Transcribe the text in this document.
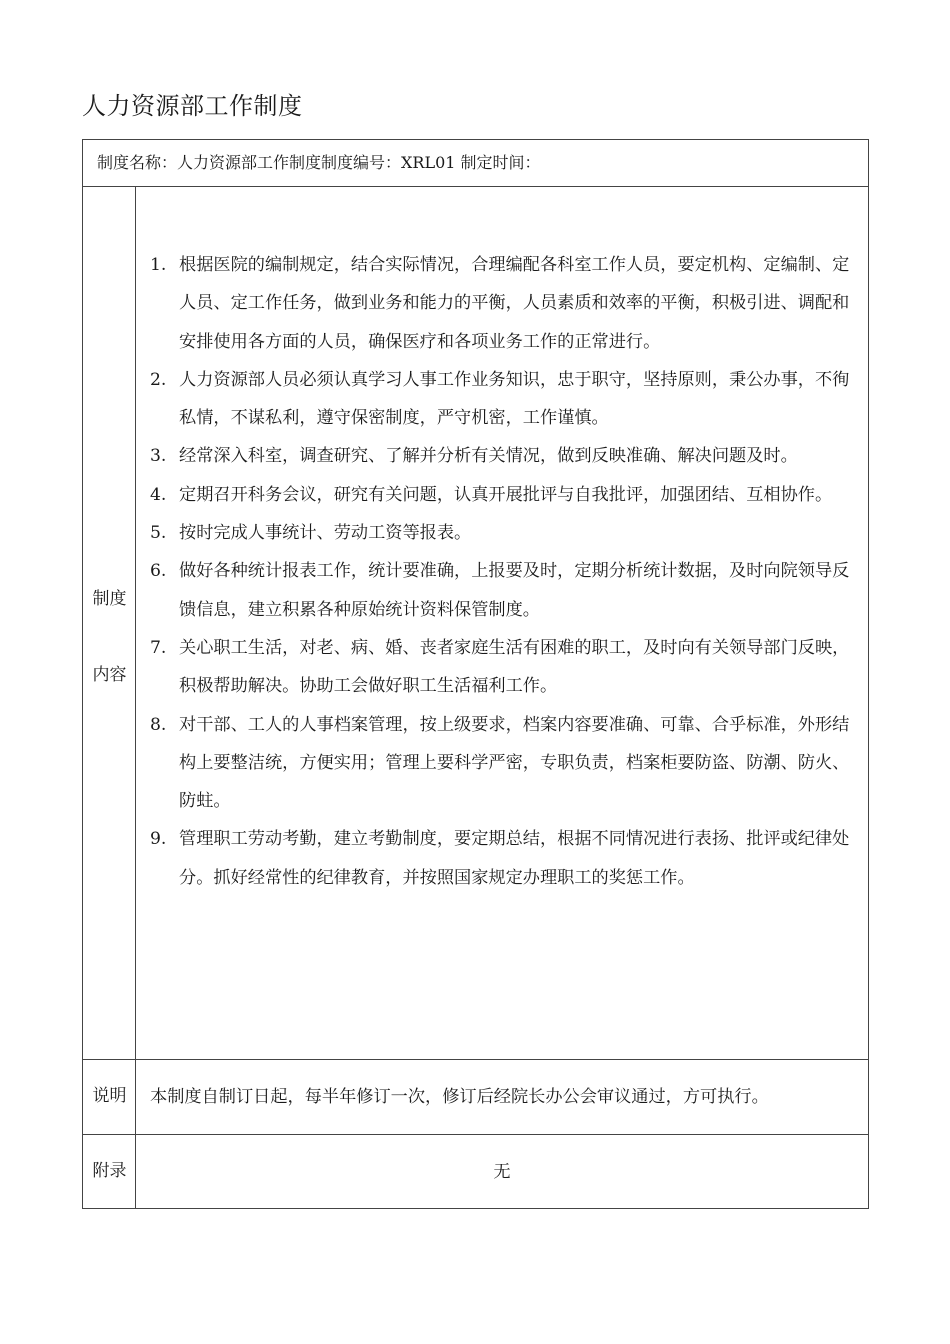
人力资源部工作制度
制度名称：人力资源部工作制度制度编号：XRL01 制定时间：
制度
内容
1. 根据医院的编制规定，结合实际情况，合理编配各科室工作人员，要定机构、定编制、定人员、定工作任务，做到业务和能力的平衡，人员素质和效率的平衡，积极引进、调配和安排使用各方面的人员，确保医疗和各项业务工作的正常进行。
2. 人力资源部人员必须认真学习人事工作业务知识，忠于职守，坚持原则，秉公办事，不徇私情，不谋私利，遵守保密制度，严守机密，工作谨慎。
3. 经常深入科室，调查研究、了解并分析有关情况，做到反映准确、解决问题及时。
4. 定期召开科务会议，研究有关问题，认真开展批评与自我批评，加强团结、互相协作。
5. 按时完成人事统计、劳动工资等报表。
6. 做好各种统计报表工作，统计要准确，上报要及时，定期分析统计数据，及时向院领导反馈信息，建立积累各种原始统计资料保管制度。
7. 关心职工生活，对老、病、婚、丧者家庭生活有困难的职工，及时向有关领导部门反映，积极帮助解决。协助工会做好职工生活福利工作。
8. 对干部、工人的人事档案管理，按上级要求，档案内容要准确、可靠、合乎标准，外形结构上要整洁统，方便实用；管理上要科学严密，专职负责，档案柜要防盗、防潮、防火、防蛀。
9. 管理职工劳动考勤，建立考勤制度，要定期总结，根据不同情况进行表扬、批评或纪律处分。抓好经常性的纪律教育，并按照国家规定办理职工的奖惩工作。
说明	本制度自制订日起，每半年修订一次，修订后经院长办公会审议通过，方可执行。
附录	无
